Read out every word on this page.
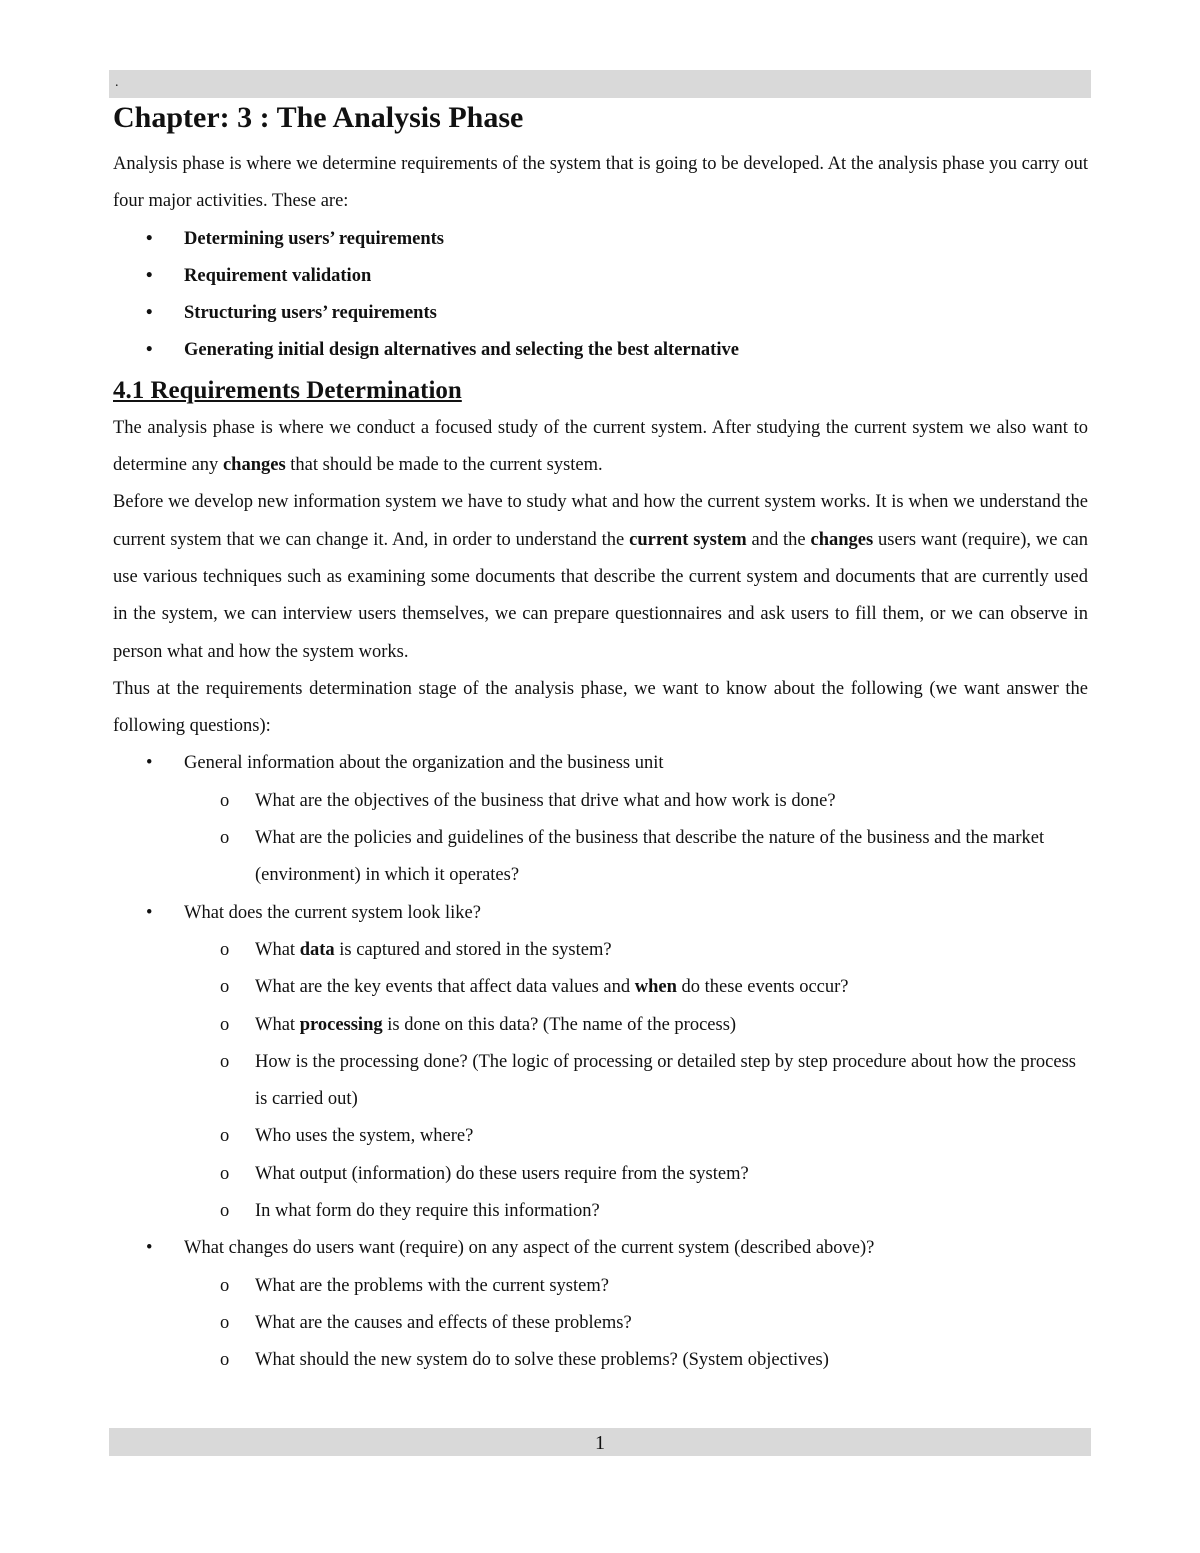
.
Chapter: 3 : The Analysis Phase

Analysis phase is where we determine requirements of the system that is going to be developed. At the analysis phase you carry out four major activities. These are:

• Determining users’ requirements
• Requirement validation
• Structuring users’ requirements
• Generating initial design alternatives and selecting the best alternative
4.1 Requirements Determination

The analysis phase is where we conduct a focused study of the current system. After studying the current system we also want to determine any changes that should be made to the current system.

Before we develop new information system we have to study what and how the current system works. It is when we understand the current system that we can change it. And, in order to understand the current system and the changes users want (require), we can use various techniques such as examining some documents that describe the current system and documents that are currently used in the system, we can interview users themselves, we can prepare questionnaires and ask users to fill them, or we can observe in person what and how the system works.

Thus at the requirements determination stage of the analysis phase, we want to know about the following (we want answer the following questions):

• General information about the organization and the business unit
o What are the objectives of the business that drive what and how work is done?
o What are the policies and guidelines of the business that describe the nature of the business and the market (environment) in which it operates?
• What does the current system look like?
o What data is captured and stored in the system?
o What are the key events that affect data values and when do these events occur?
o What processing is done on this data? (The name of the process)
o How is the processing done? (The logic of processing or detailed step by step procedure about how the process is carried out)
o Who uses the system, where?
o What output (information) do these users require from the system?
o In what form do they require this information?
• What changes do users want (require) on any aspect of the current system (described above)?
o What are the problems with the current system?
o What are the causes and effects of these problems?
o What should the new system do to solve these problems? (System objectives)
1
